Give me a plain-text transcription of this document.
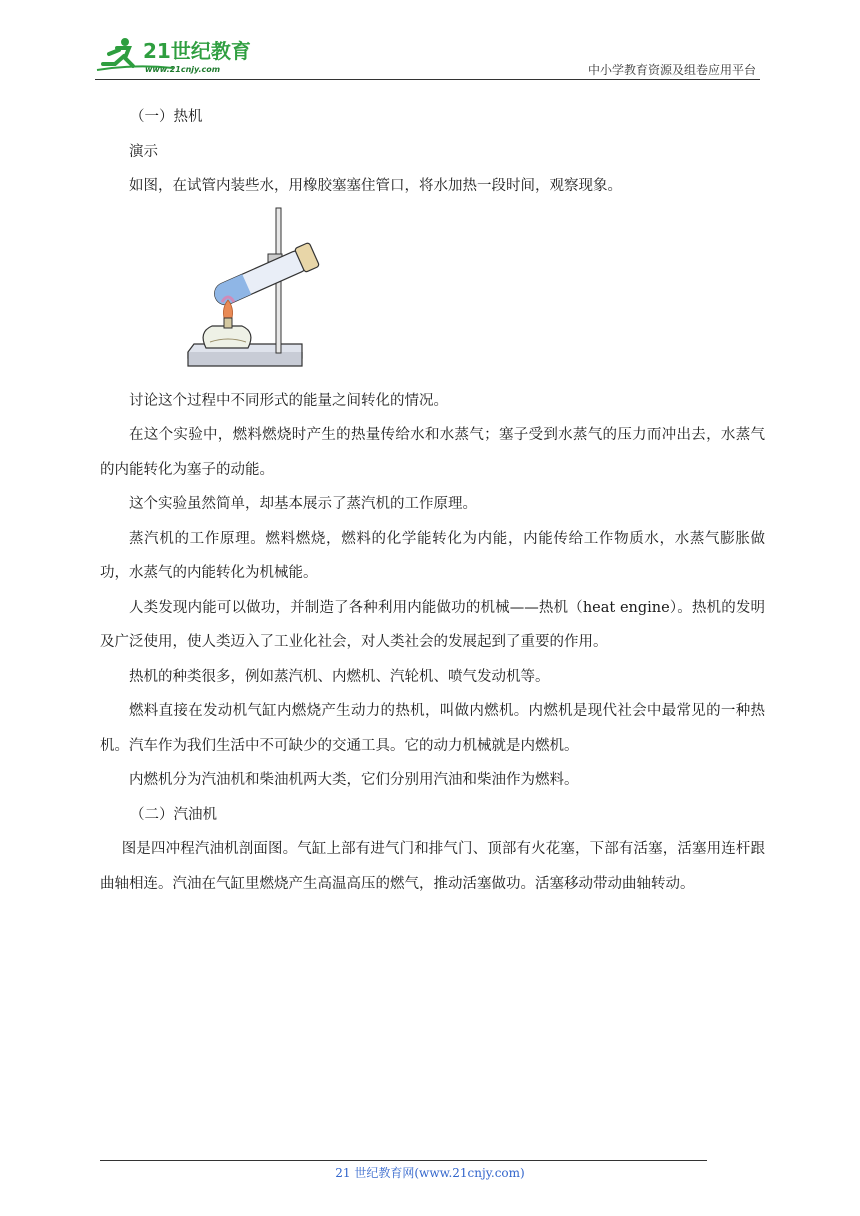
21世纪教育
www.21cnjy.com	中小学教育资源及组卷应用平台

（一）热机

演示

如图，在试管内装些水，用橡胶塞塞住管口，将水加热一段时间，观察现象。

讨论这个过程中不同形式的能量之间转化的情况。

在这个实验中，燃料燃烧时产生的热量传给水和水蒸气；塞子受到水蒸气的压力而冲出去，水蒸气的内能转化为塞子的动能。

这个实验虽然简单，却基本展示了蒸汽机的工作原理。

蒸汽机的工作原理。燃料燃烧，燃料的化学能转化为内能，内能传给工作物质水，水蒸气膨胀做功，水蒸气的内能转化为机械能。

人类发现内能可以做功，并制造了各种利用内能做功的机械——热机（heat engine）。热机的发明及广泛使用，使人类迈入了工业化社会，对人类社会的发展起到了重要的作用。

热机的种类很多，例如蒸汽机、内燃机、汽轮机、喷气发动机等。

燃料直接在发动机气缸内燃烧产生动力的热机，叫做内燃机。内燃机是现代社会中最常见的一种热机。汽车作为我们生活中不可缺少的交通工具。它的动力机械就是内燃机。

内燃机分为汽油机和柴油机两大类，它们分别用汽油和柴油作为燃料。

（二）汽油机

图是四冲程汽油机剖面图。气缸上部有进气门和排气门、顶部有火花塞，下部有活塞，活塞用连杆跟曲轴相连。汽油在气缸里燃烧产生高温高压的燃气，推动活塞做功。活塞移动带动曲轴转动。

21 世纪教育网(www.21cnjy.com)
